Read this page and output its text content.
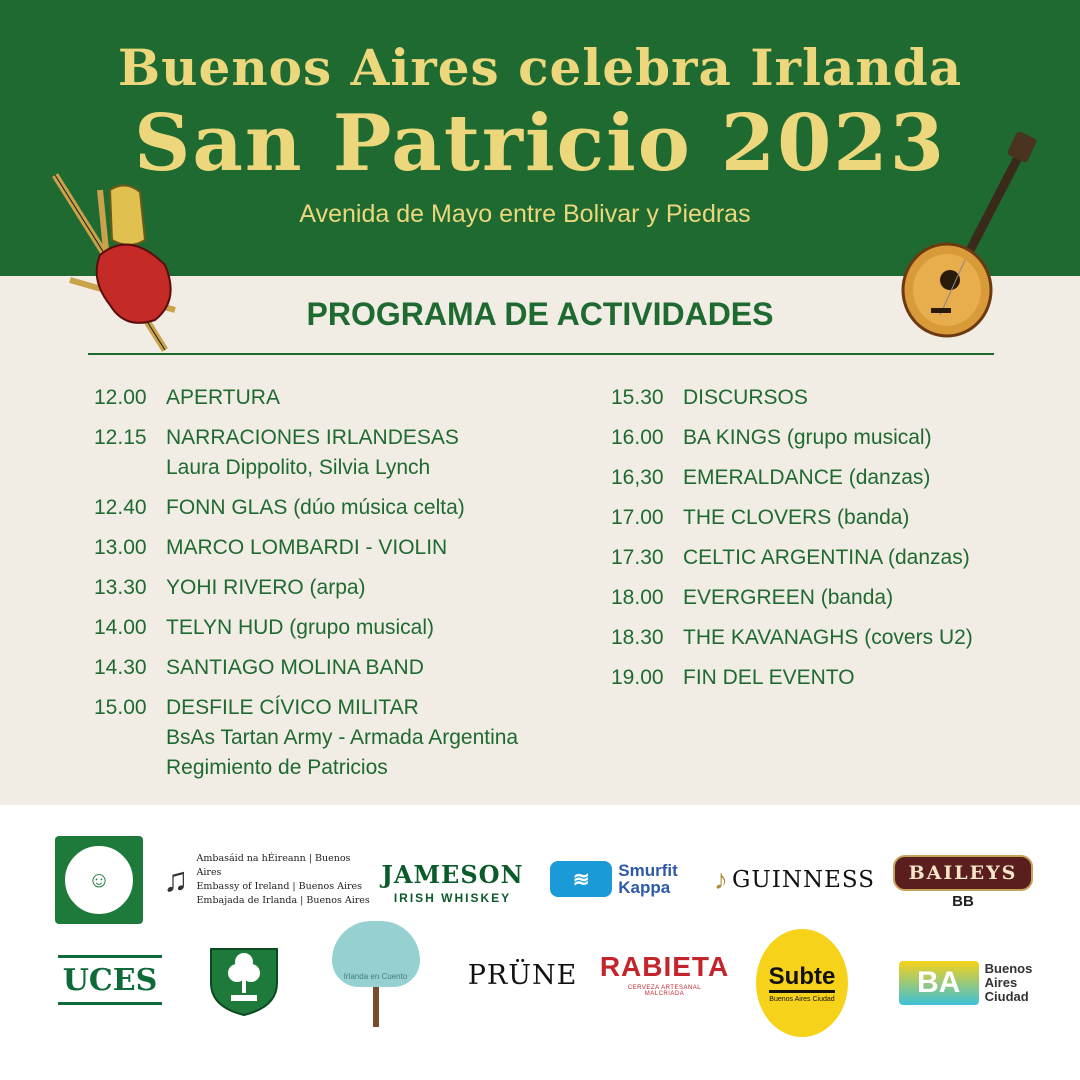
Buenos Aires celebra Irlanda
San Patricio 2023
Avenida de Mayo entre Bolivar y Piedras
PROGRAMA DE ACTIVIDADES
12.00 APERTURA
12.15 NARRACIONES IRLANDESAS
Laura Dippolito, Silvia Lynch
12.40 FONN GLAS (dúo música celta)
13.00 MARCO LOMBARDI - VIOLIN
13.30 YOHI RIVERO (arpa)
14.00 TELYN HUD (grupo musical)
14.30 SANTIAGO MOLINA BAND
15.00 DESFILE CÍVICO MILITAR
BsAs Tartan Army - Armada Argentina
Regimiento de Patricios
15.30 DISCURSOS
16.00 BA KINGS (grupo musical)
16,30 EMERALDANCE (danzas)
17.00 THE CLOVERS (banda)
17.30 CELTIC ARGENTINA (danzas)
18.00 EVERGREEN (banda)
18.30 THE KAVANAGHS (covers U2)
19.00 FIN DEL EVENTO
☺ ♫
Ambasáid na hÉireann | Buenos Aires
Embassy of Ireland | Buenos Aires
Embajada de Irlanda | Buenos Aires
JAMESON
IRISH WHISKEY
≋	Smurfit
Kappa ♪ GUINNESS	BAILEYS
BB
UCES	Irlanda en Cuento PRÜNE RABIETA
CERVEZA ARTESANAL MALCRIADA
Subte
Buenos Aires Ciudad	BA	Buenos
Aires
Ciudad
